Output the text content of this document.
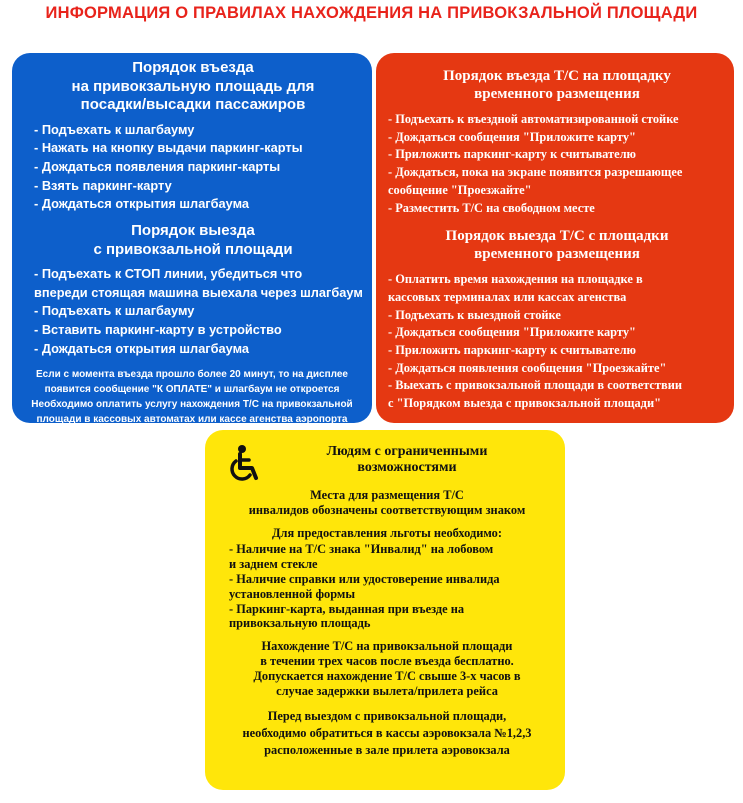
ИНФОРМАЦИЯ О ПРАВИЛАХ НАХОЖДЕНИЯ НА ПРИВОКЗАЛЬНОЙ ПЛОЩАДИ
Порядок въезда
на привокзальную площадь для
посадки/высадки пассажиров
- Подъехать к шлагбауму
- Нажать на кнопку выдачи паркинг-карты
- Дождаться появления паркинг-карты
- Взять паркинг-карту
- Дождаться открытия шлагбаума
Порядок выезда
с привокзальной площади
- Подъехать к СТОП линии, убедиться что
впереди стоящая машина выехала через шлагбаум
- Подъехать к шлагбауму
- Вставить паркинг-карту в устройство
- Дождаться открытия шлагбаума
Если с момента въезда прошло более 20 минут, то на дисплее
появится сообщение "К ОПЛАТЕ" и шлагбаум не откроется
Необходимо оплатить услугу нахождения Т/С на привокзальной
площади в кассовых автоматах или кассе агенства аэропорта
Порядок въезда Т/С на площадку
временного размещения
- Подъехать к въездной автоматизированной стойке
- Дождаться сообщения "Приложите карту"
- Приложить паркинг-карту к считывателю
- Дождаться, пока на экране появится разрешающее
сообщение "Проезжайте"
- Разместить Т/С на свободном месте
Порядок выезда Т/С с площадки
временного размещения
- Оплатить время нахождения на площадке в
кассовых терминалах или кассах агенства
- Подъехать к выездной стойке
- Дождаться сообщения "Приложите карту"
- Приложить паркинг-карту к считывателю
- Дождаться появления сообщения "Проезжайте"
- Выехать с привокзальной площади в соответствии
с "Порядком выезда с привокзальной площади"
Людям с ограниченными
возможностями
Места для размещения Т/С
инвалидов обозначены соответствующим знаком
Для предоставления льготы необходимо:
- Наличие на Т/С знака "Инвалид" на лобовом
и заднем стекле
- Наличие справки или удостоверение инвалида
установленной формы
- Паркинг-карта, выданная при въезде на
привокзальную площадь
Нахождение Т/С на привокзальной площади
в течении трех часов после въезда бесплатно.
Допускается нахождение Т/С свыше 3-х часов в
случае задержки вылета/прилета рейса
Перед выездом с привокзальной площади,
необходимо обратиться в кассы аэровокзала №1,2,3
расположенные в зале прилета аэровокзала
